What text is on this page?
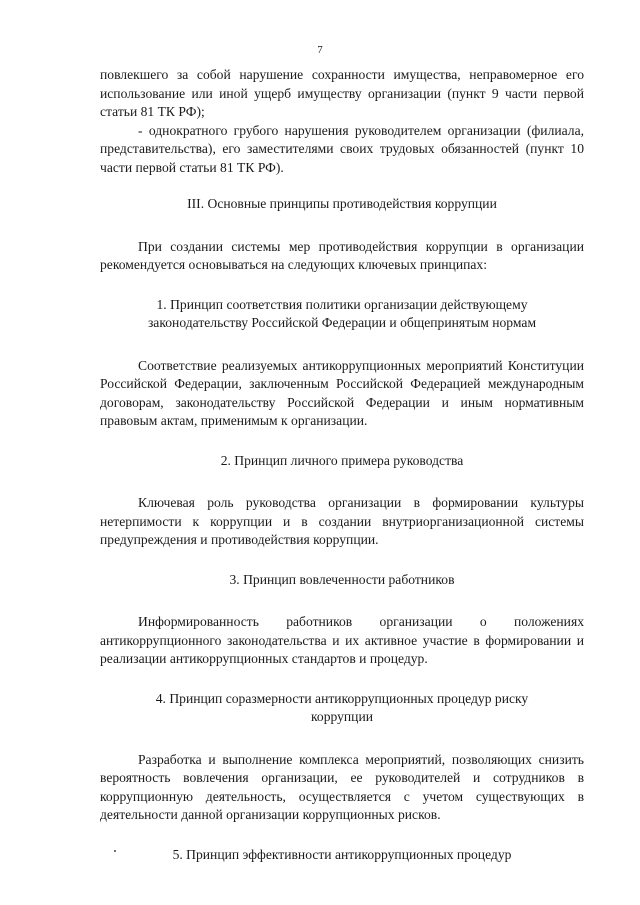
7

повлекшего за собой нарушение сохранности имущества, неправомерное его использование или иной ущерб имуществу организации (пункт 9 части первой статьи 81 ТК РФ);

- однократного грубого нарушения руководителем организации (филиала, представительства), его заместителями своих трудовых обязанностей (пункт 10 части первой статьи 81 ТК РФ).

III. Основные принципы противодействия коррупции

При создании системы мер противодействия коррупции в организации рекомендуется основываться на следующих ключевых принципах:

1. Принцип соответствия политики организации действующему законодательству Российской Федерации и общепринятым нормам

Соответствие реализуемых антикоррупционных мероприятий Конституции Российской Федерации, заключенным Российской Федерацией международным договорам, законодательству Российской Федерации и иным нормативным правовым актам, применимым к организации.

2. Принцип личного примера руководства

Ключевая роль руководства организации в формировании культуры нетерпимости к коррупции и в создании внутриорганизационной системы предупреждения и противодействия коррупции.

3. Принцип вовлеченности работников

Информированность работников организации о положениях антикоррупционного законодательства и их активное участие в формировании и реализации антикоррупционных стандартов и процедур.

4. Принцип соразмерности антикоррупционных процедур риску коррупции

Разработка и выполнение комплекса мероприятий, позволяющих снизить вероятность вовлечения организации, ее руководителей и сотрудников в коррупционную деятельность, осуществляется с учетом существующих в деятельности данной организации коррупционных рисков.

5. Принцип эффективности антикоррупционных процедур
